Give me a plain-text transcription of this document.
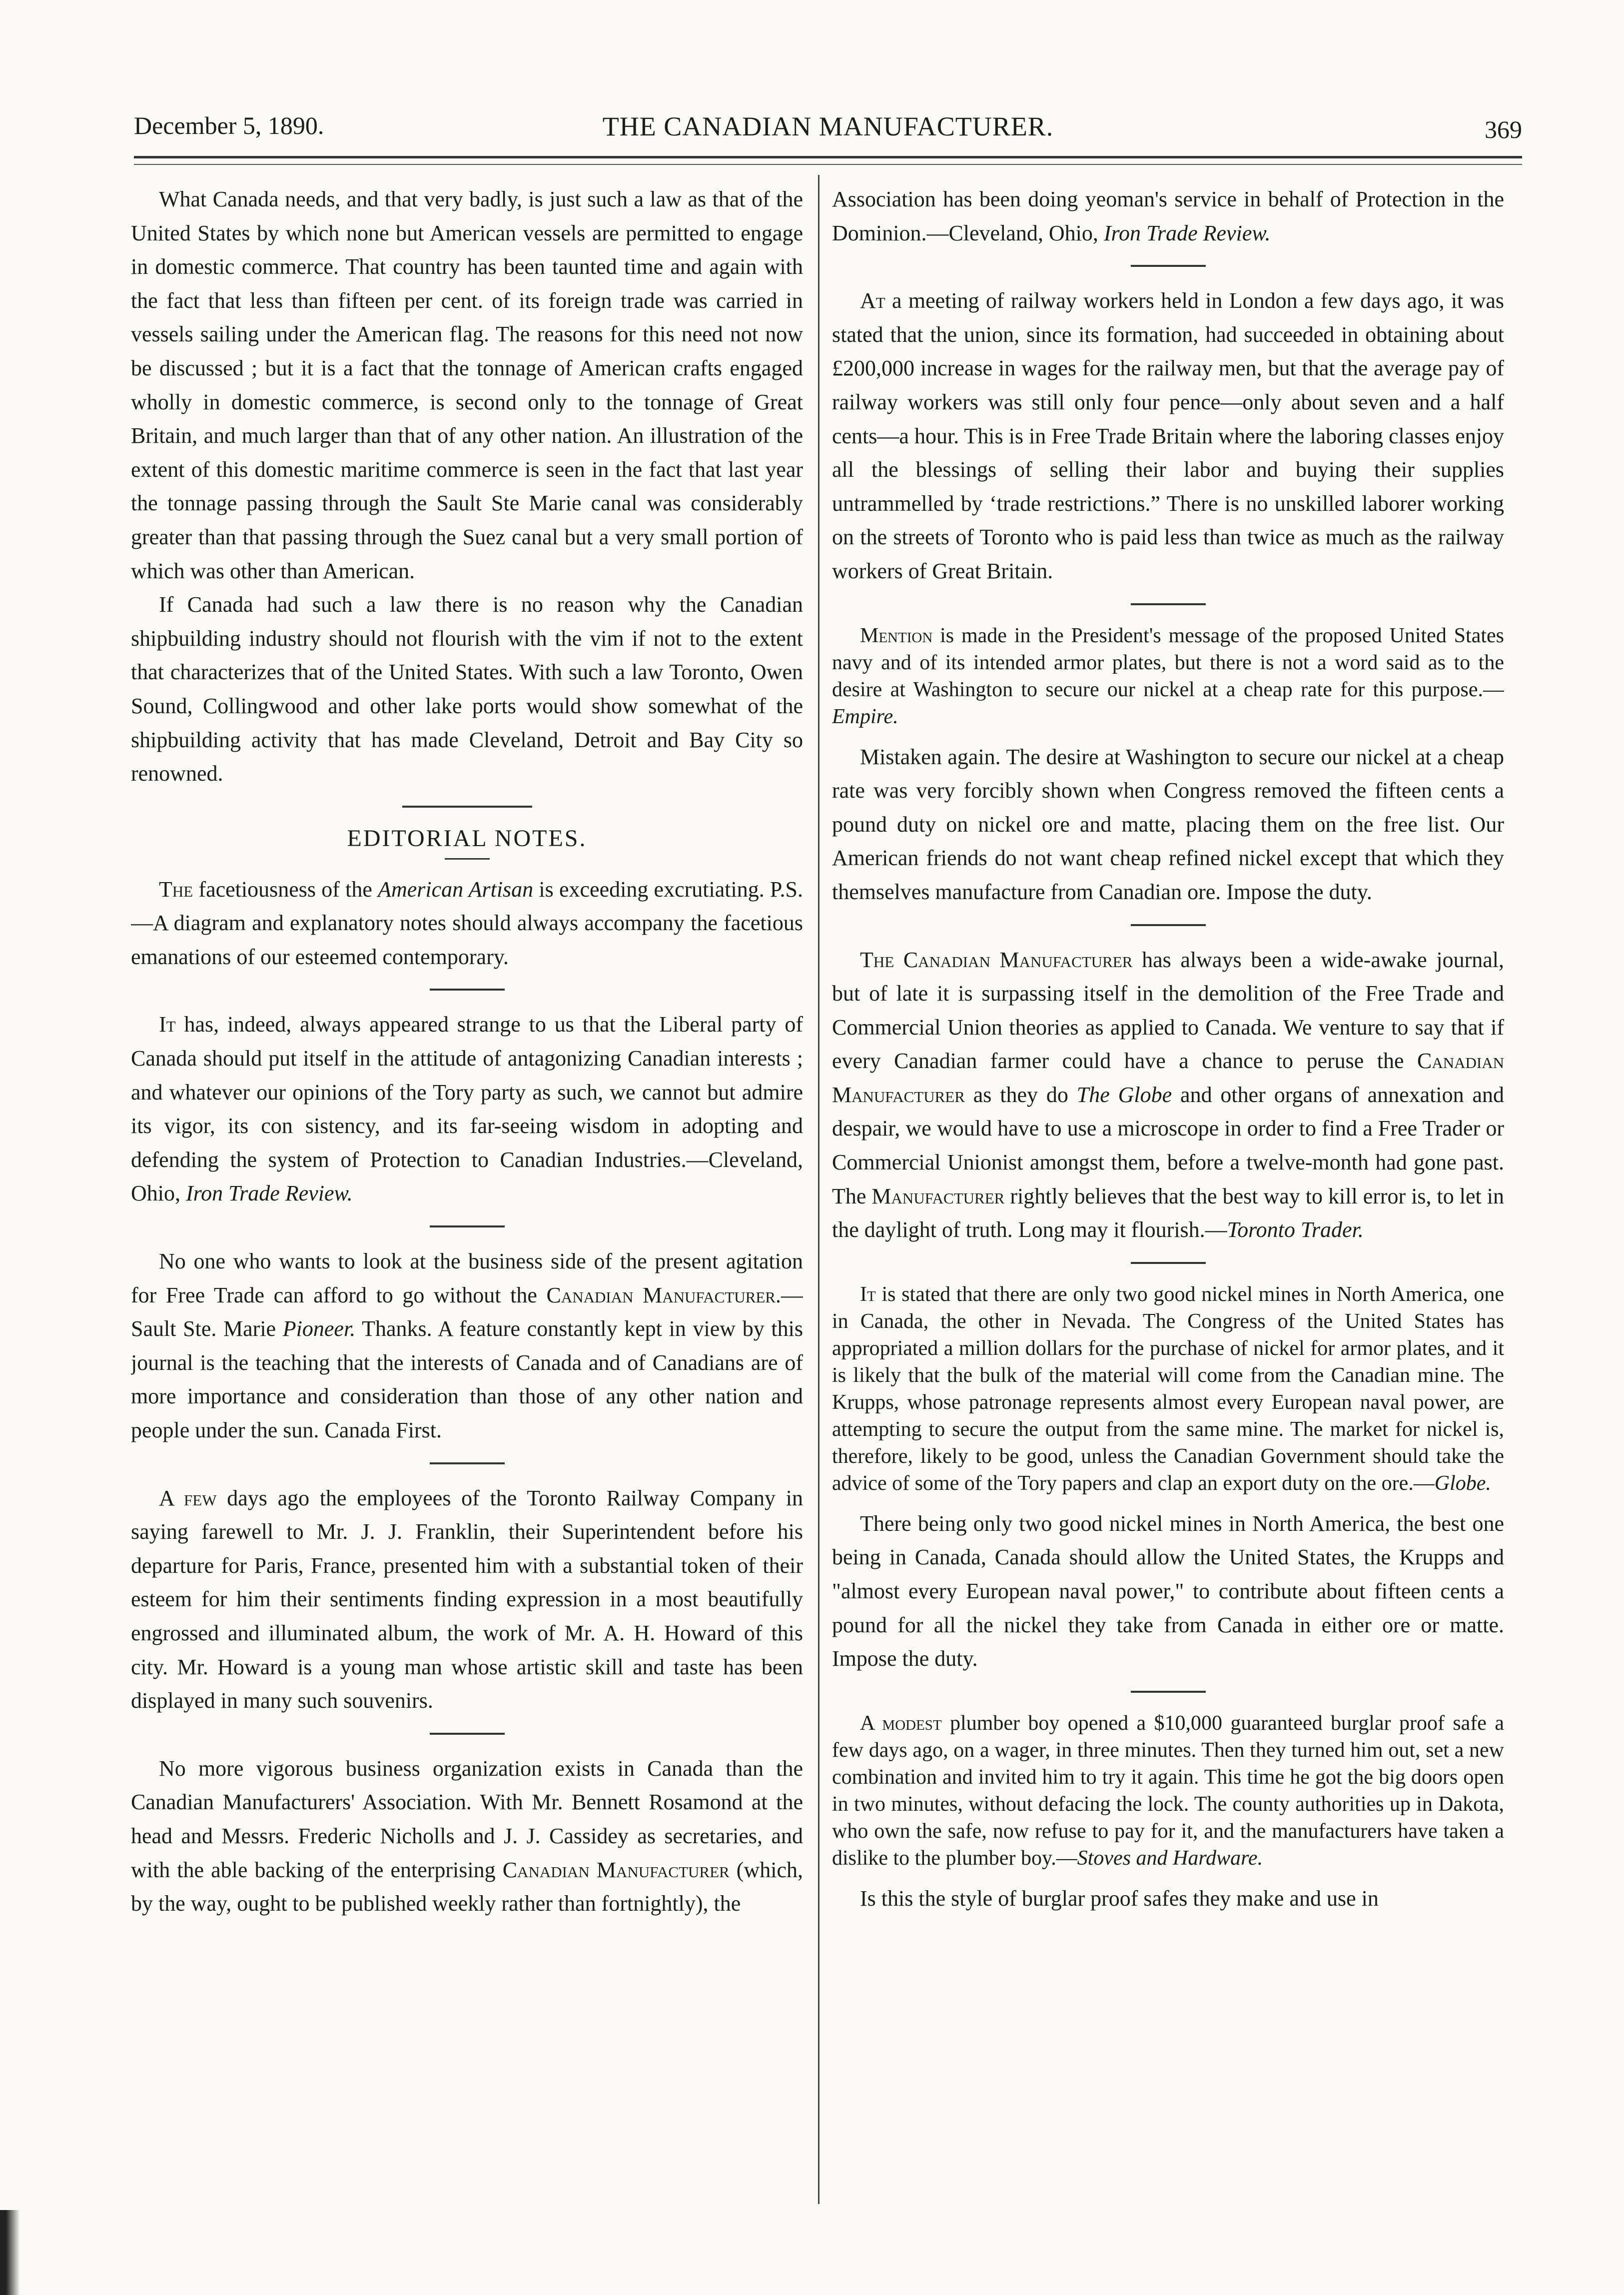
December 5, 1890.	THE CANADIAN MANUFACTURER.	369

What Canada needs, and that very badly, is just such a law as that of the United States by which none but American vessels are permitted to engage in domestic commerce. That country has been taunted time and again with the fact that less than fifteen per cent. of its foreign trade was carried in vessels sailing under the American flag. The reasons for this need not now be discussed ; but it is a fact that the tonnage of American crafts engaged wholly in domestic commerce, is second only to the tonnage of Great Britain, and much larger than that of any other nation. An illustration of the extent of this domestic maritime commerce is seen in the fact that last year the tonnage passing through the Sault Ste Marie canal was considerably greater than that passing through the Suez canal but a very small portion of which was other than American.

If Canada had such a law there is no reason why the Canadian shipbuilding industry should not flourish with the vim if not to the extent that characterizes that of the United States. With such a law Toronto, Owen Sound, Collingwood and other lake ports would show somewhat of the shipbuilding activity that has made Cleveland, Detroit and Bay City so renowned.

EDITORIAL NOTES.

The facetiousness of the American Artisan is exceeding excrutiating. P.S.—A diagram and explanatory notes should always accompany the facetious emanations of our esteemed contemporary.

It has, indeed, always appeared strange to us that the Liberal party of Canada should put itself in the attitude of antagonizing Canadian interests ; and whatever our opinions of the Tory party as such, we cannot but admire its vigor, its con sistency, and its far-seeing wisdom in adopting and defending the system of Protection to Canadian Industries.—Cleveland, Ohio, Iron Trade Review.

No one who wants to look at the business side of the present agitation for Free Trade can afford to go without the Canadian Manufacturer.—Sault Ste. Marie Pioneer. Thanks. A feature constantly kept in view by this journal is the teaching that the interests of Canada and of Canadians are of more importance and consideration than those of any other nation and people under the sun. Canada First.

A few days ago the employees of the Toronto Railway Company in saying farewell to Mr. J. J. Franklin, their Superintendent before his departure for Paris, France, presented him with a substantial token of their esteem for him their sentiments finding expression in a most beautifully engrossed and illuminated album, the work of Mr. A. H. Howard of this city. Mr. Howard is a young man whose artistic skill and taste has been displayed in many such souvenirs.

No more vigorous business organization exists in Canada than the Canadian Manufacturers' Association. With Mr. Bennett Rosamond at the head and Messrs. Frederic Nicholls and J. J. Cassidey as secretaries, and with the able backing of the enterprising Canadian Manufacturer (which, by the way, ought to be published weekly rather than fortnightly), the

Association has been doing yeoman's service in behalf of Protection in the Dominion.—Cleveland, Ohio, Iron Trade Review.

At a meeting of railway workers held in London a few days ago, it was stated that the union, since its formation, had succeeded in obtaining about £200,000 increase in wages for the railway men, but that the average pay of railway workers was still only four pence—only about seven and a half cents—a hour. This is in Free Trade Britain where the laboring classes enjoy all the blessings of selling their labor and buying their supplies untrammelled by ‘trade restrictions.” There is no unskilled laborer working on the streets of Toronto who is paid less than twice as much as the railway workers of Great Britain.

Mention is made in the President's message of the proposed United States navy and of its intended armor plates, but there is not a word said as to the desire at Washington to secure our nickel at a cheap rate for this purpose.—Empire.

Mistaken again. The desire at Washington to secure our nickel at a cheap rate was very forcibly shown when Congress removed the fifteen cents a pound duty on nickel ore and matte, placing them on the free list. Our American friends do not want cheap refined nickel except that which they themselves manufacture from Canadian ore. Impose the duty.

The Canadian Manufacturer has always been a wide-awake journal, but of late it is surpassing itself in the demolition of the Free Trade and Commercial Union theories as applied to Canada. We venture to say that if every Canadian farmer could have a chance to peruse the Canadian Manufacturer as they do The Globe and other organs of annexation and despair, we would have to use a microscope in order to find a Free Trader or Commercial Unionist amongst them, before a twelve-month had gone past. The Manufacturer rightly believes that the best way to kill error is, to let in the daylight of truth. Long may it flourish.—Toronto Trader.

It is stated that there are only two good nickel mines in North America, one in Canada, the other in Nevada. The Congress of the United States has appropriated a million dollars for the purchase of nickel for armor plates, and it is likely that the bulk of the material will come from the Canadian mine. The Krupps, whose patronage represents almost every European naval power, are attempting to secure the output from the same mine. The market for nickel is, therefore, likely to be good, unless the Canadian Government should take the advice of some of the Tory papers and clap an export duty on the ore.—Globe.

There being only two good nickel mines in North America, the best one being in Canada, Canada should allow the United States, the Krupps and "almost every European naval power," to contribute about fifteen cents a pound for all the nickel they take from Canada in either ore or matte. Impose the duty.

A modest plumber boy opened a $10,000 guaranteed burglar proof safe a few days ago, on a wager, in three minutes. Then they turned him out, set a new combination and invited him to try it again. This time he got the big doors open in two minutes, without defacing the lock. The county authorities up in Dakota, who own the safe, now refuse to pay for it, and the manufacturers have taken a dislike to the plumber boy.—Stoves and Hardware.

Is this the style of burglar proof safes they make and use in
